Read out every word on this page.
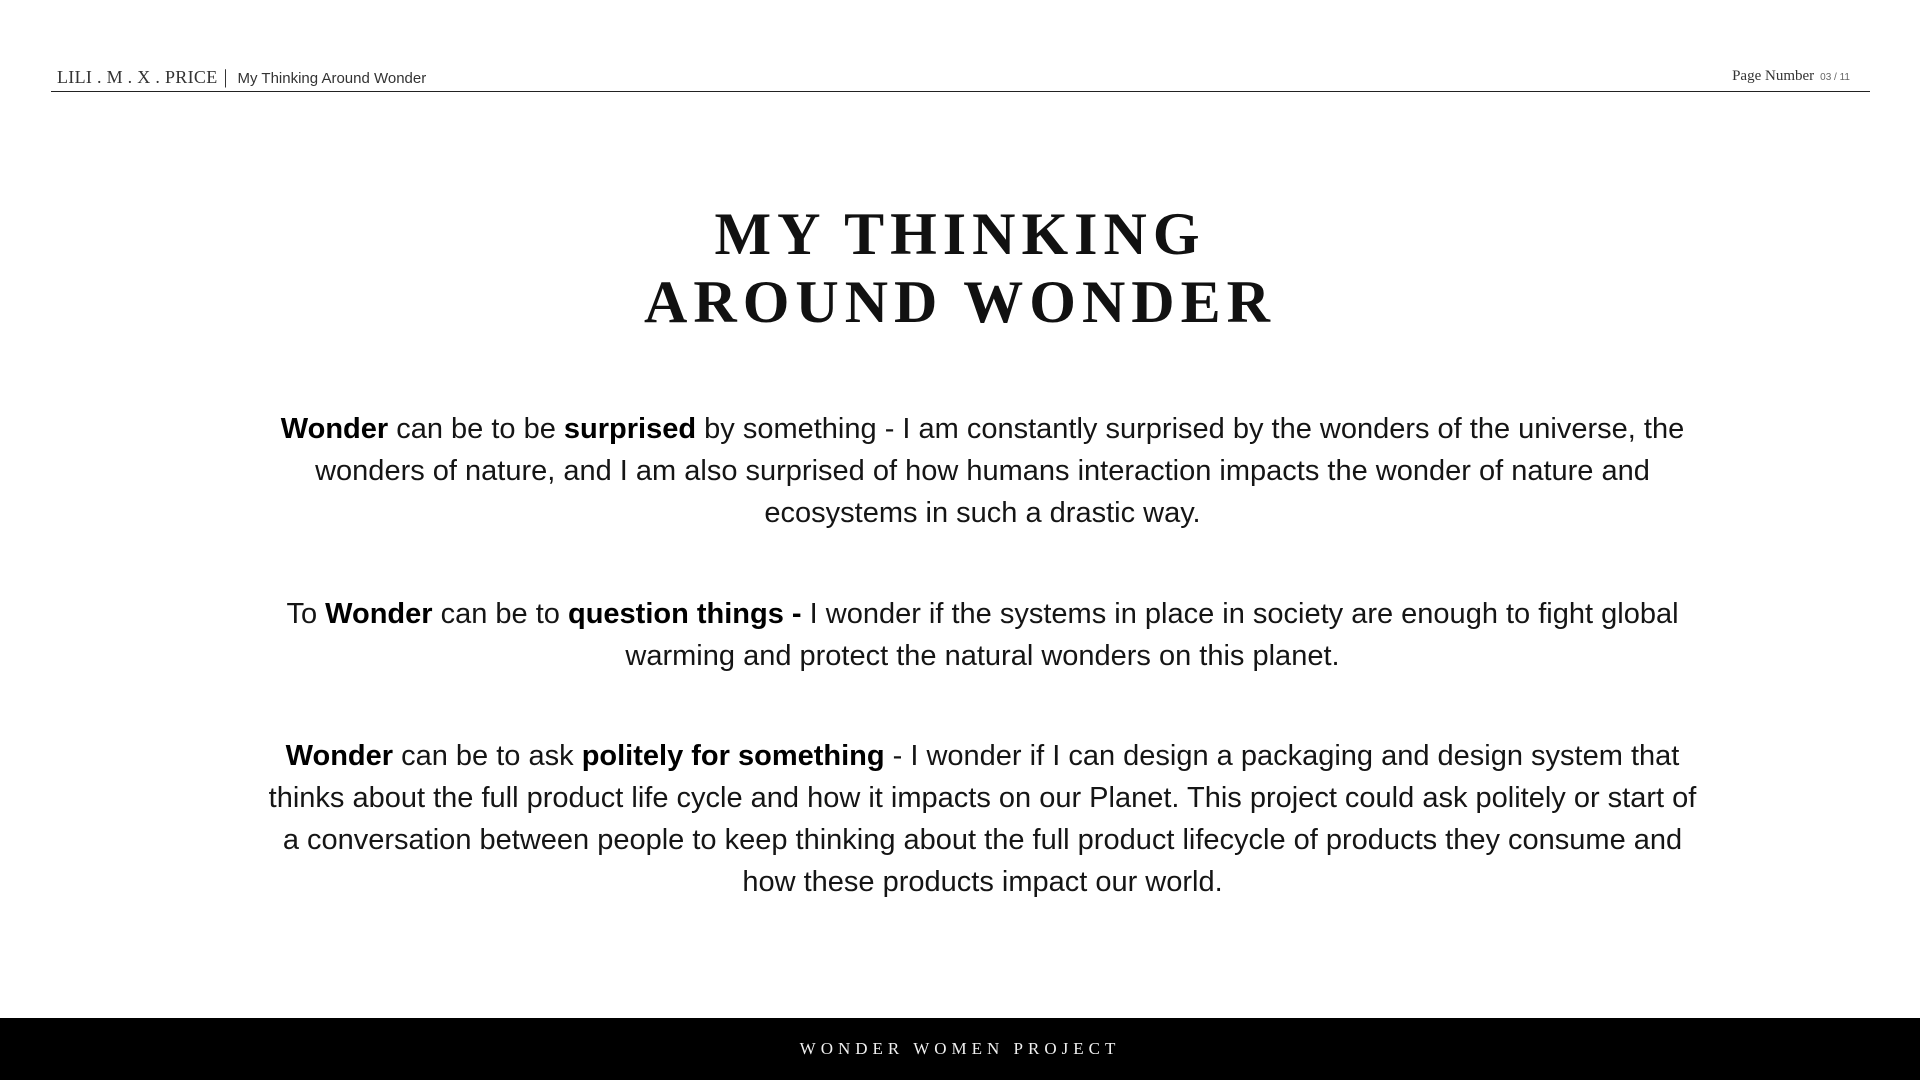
LILI . M . X . PRICE | My Thinking Around Wonder	Page Number 03 / 11
MY THINKING
AROUND WONDER

Wonder can be to be surprised by something - I am constantly surprised by the wonders of the universe, the wonders of nature, and I am also surprised of how humans interaction impacts the wonder of nature and ecosystems in such a drastic way.

To Wonder can be to question things - I wonder if the systems in place in society are enough to fight global warming and protect the natural wonders on this planet.

Wonder can be to ask politely for something - I wonder if I can design a packaging and design system that thinks about the full product life cycle and how it impacts on our Planet. This project could ask politely or start of a conversation between people to keep thinking about the full product lifecycle of products they consume and how these products impact our world.

WONDER WOMEN PROJECT
